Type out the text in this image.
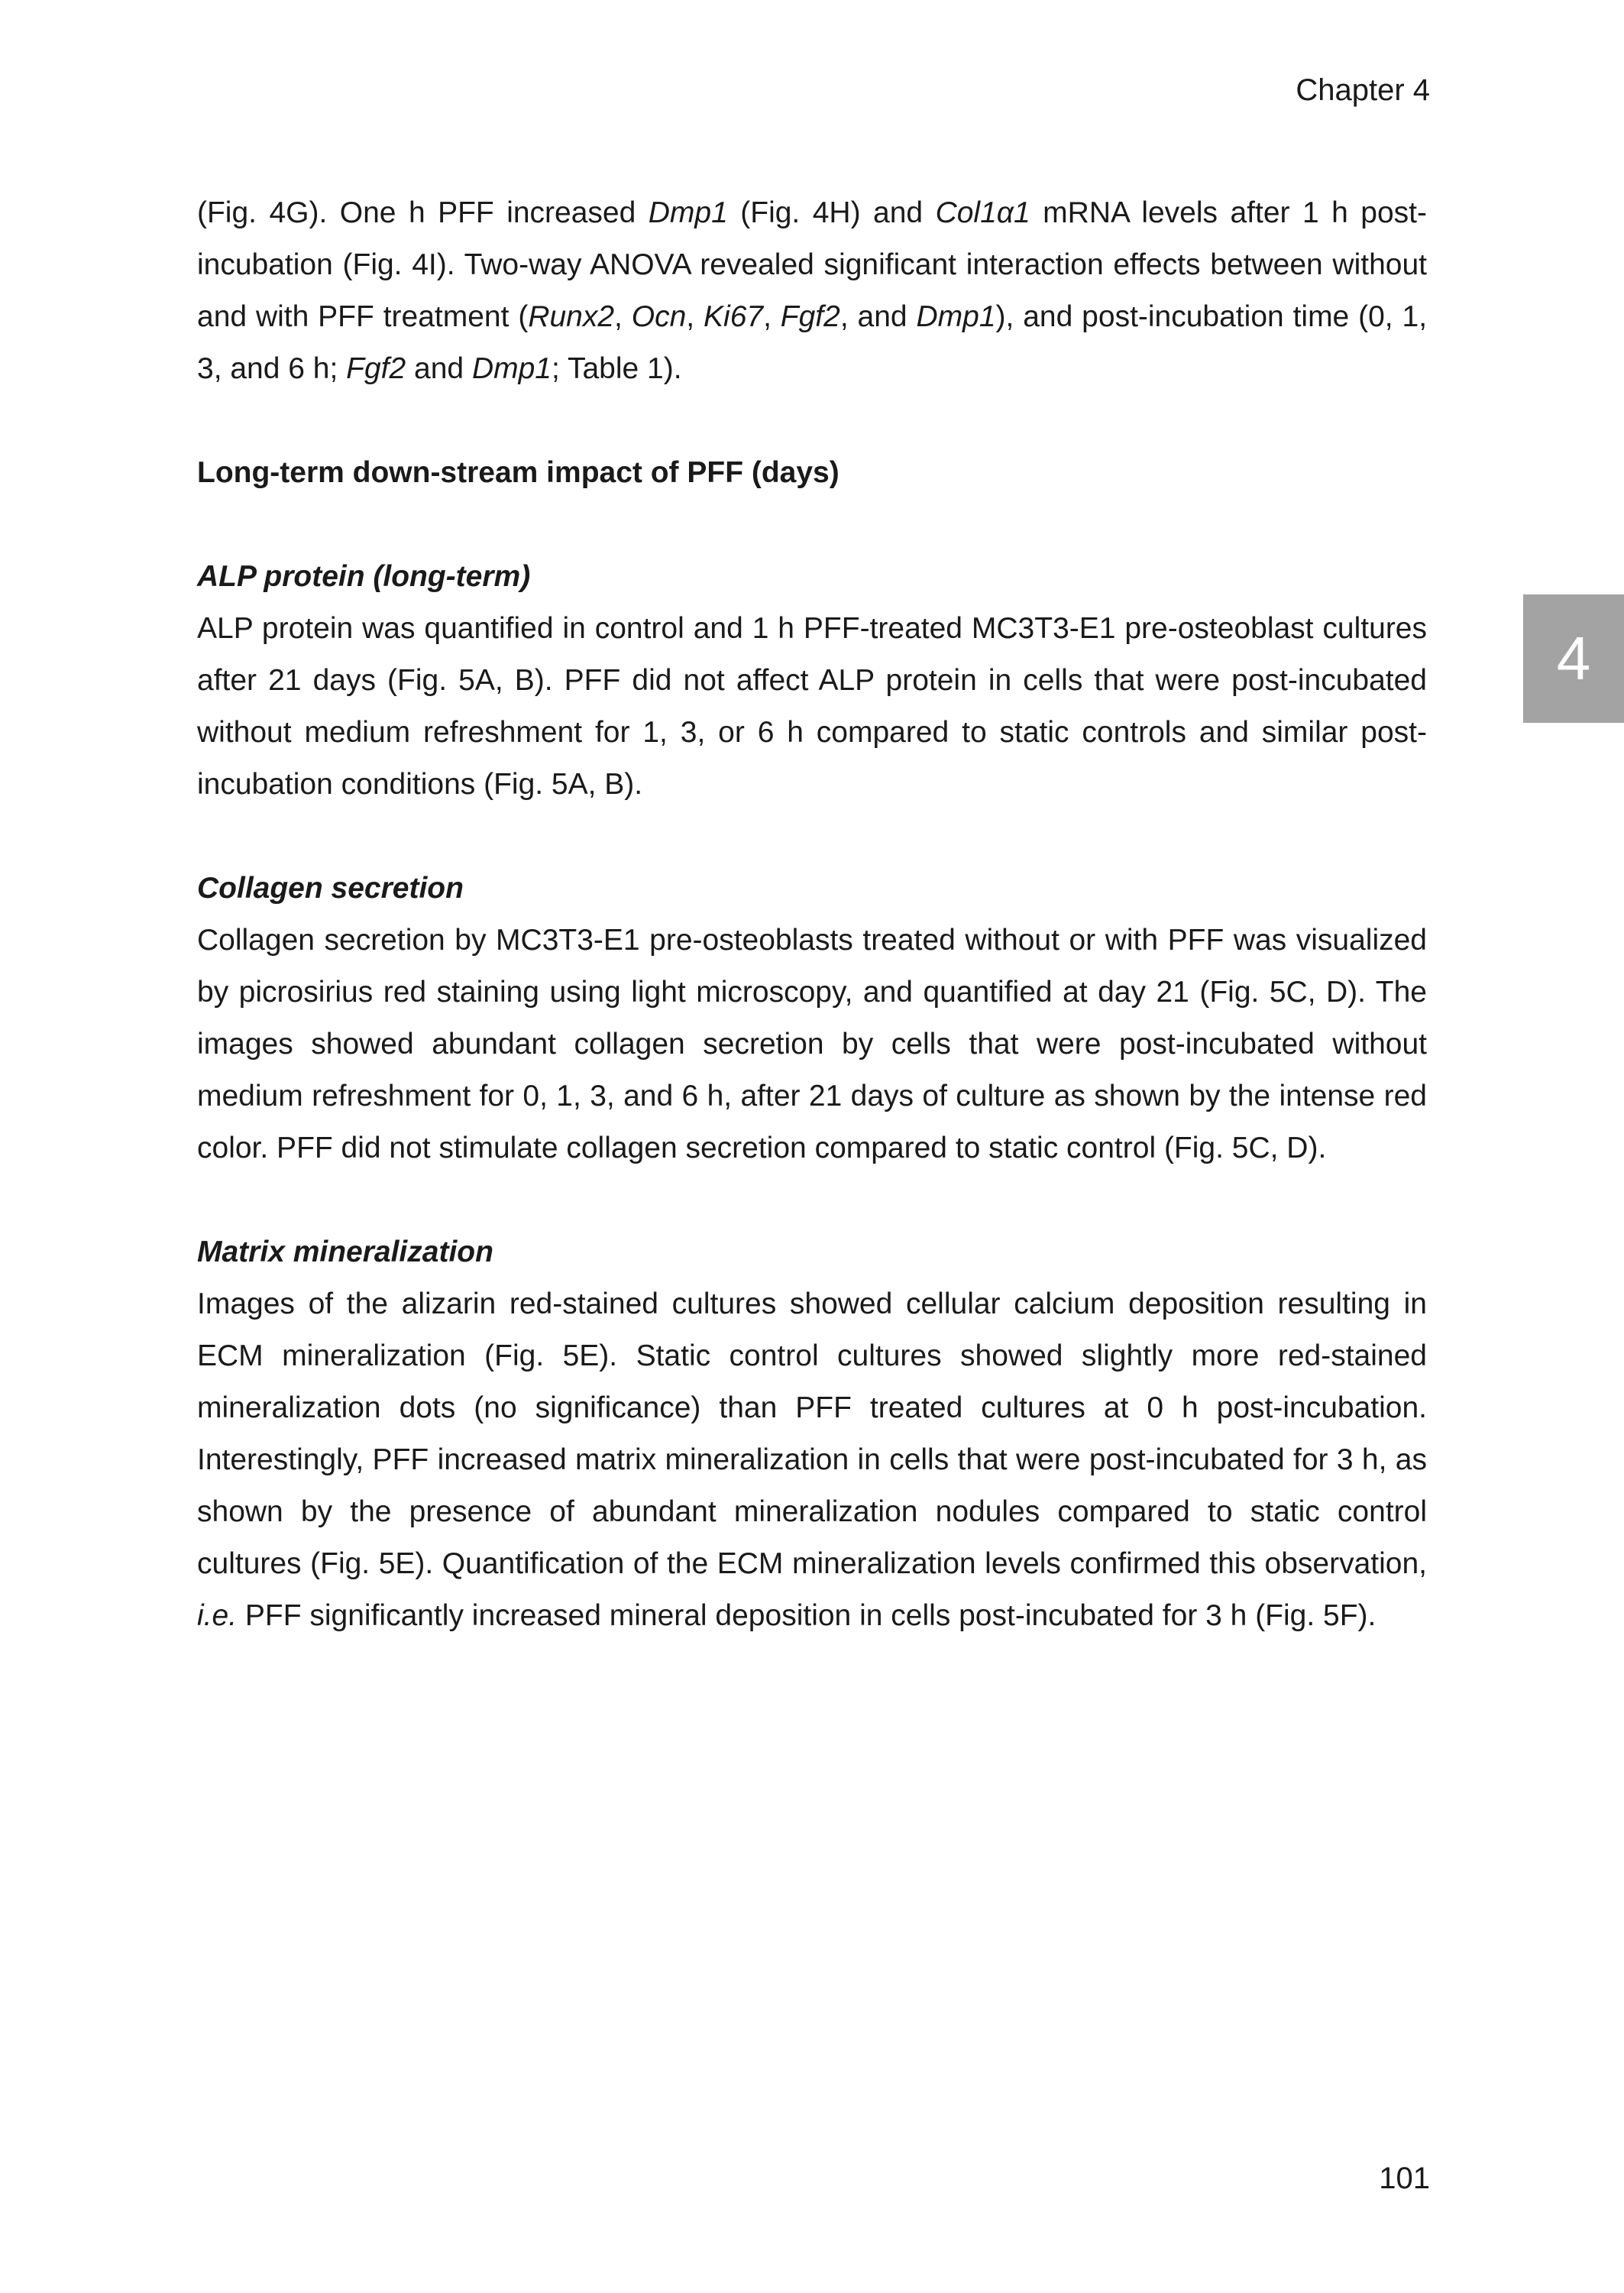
Chapter 4
4

(Fig. 4G). One h PFF increased Dmp1 (Fig. 4H) and Col1α1 mRNA levels after 1 h post-incubation (Fig. 4I). Two-way ANOVA revealed significant interaction effects between without and with PFF treatment (Runx2, Ocn, Ki67, Fgf2, and Dmp1), and post-incubation time (0, 1, 3, and 6 h; Fgf2 and Dmp1; Table 1).

Long-term down-stream impact of PFF (days)

ALP protein (long-term)

ALP protein was quantified in control and 1 h PFF-treated MC3T3-E1 pre-osteoblast cultures after 21 days (Fig. 5A, B). PFF did not affect ALP protein in cells that were post-incubated without medium refreshment for 1, 3, or 6 h compared to static controls and similar post-incubation conditions (Fig. 5A, B).

Collagen secretion

Collagen secretion by MC3T3-E1 pre-osteoblasts treated without or with PFF was visualized by picrosirius red staining using light microscopy, and quantified at day 21 (Fig. 5C, D). The images showed abundant collagen secretion by cells that were post-incubated without medium refreshment for 0, 1, 3, and 6 h, after 21 days of culture as shown by the intense red color. PFF did not stimulate collagen secretion compared to static control (Fig. 5C, D).

Matrix mineralization

Images of the alizarin red-stained cultures showed cellular calcium deposition resulting in ECM mineralization (Fig. 5E). Static control cultures showed slightly more red-stained mineralization dots (no significance) than PFF treated cultures at 0 h post-incubation. Interestingly, PFF increased matrix mineralization in cells that were post-incubated for 3 h, as shown by the presence of abundant mineralization nodules compared to static control cultures (Fig. 5E). Quantification of the ECM mineralization levels confirmed this observation, i.e. PFF significantly increased mineral deposition in cells post-incubated for 3 h (Fig. 5F).

101
